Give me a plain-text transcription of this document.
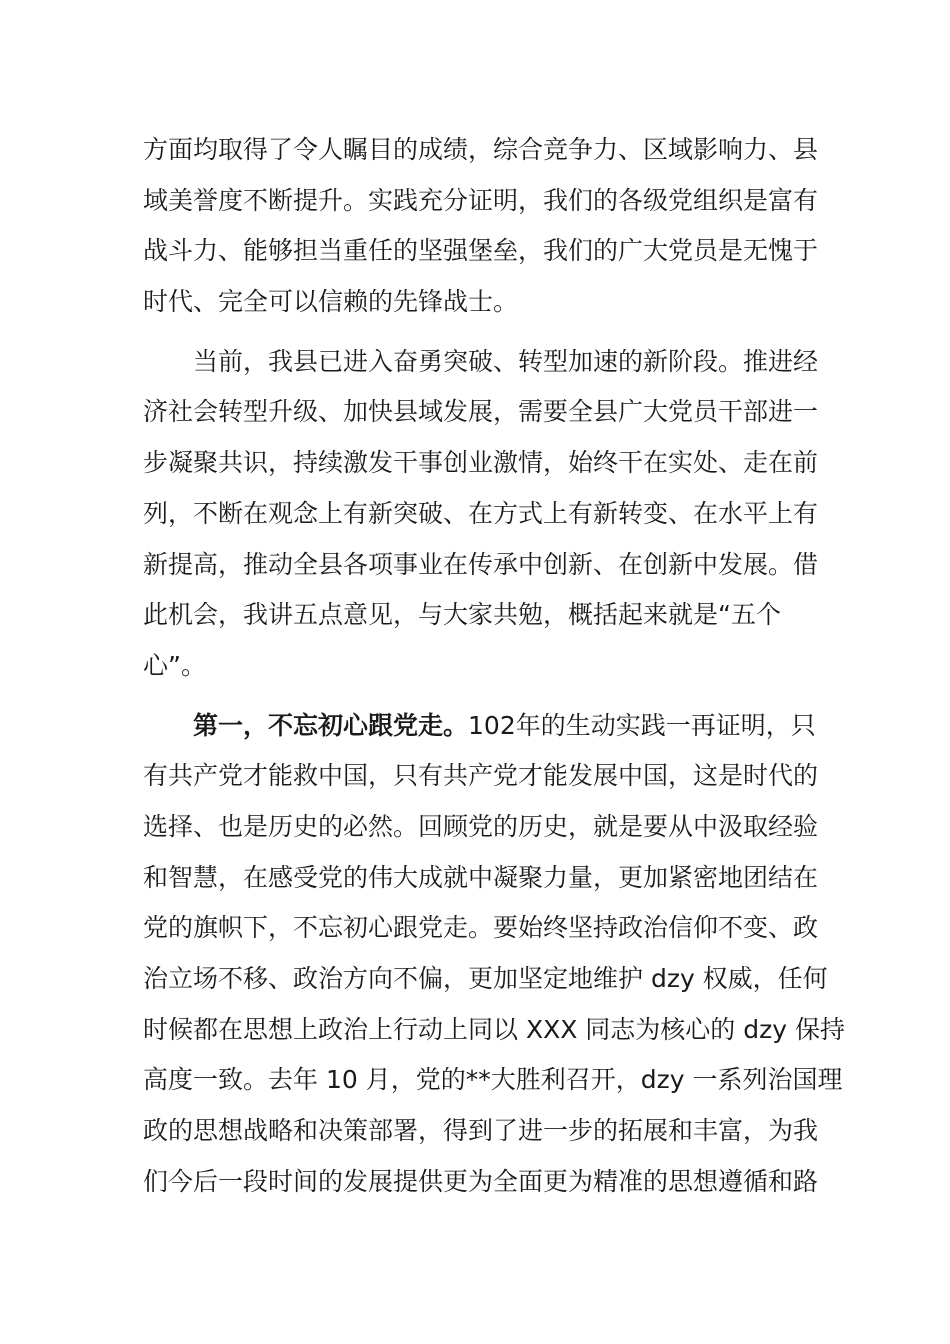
方面均取得了令人瞩目的成绩，综合竞争力、区域影响力、县
域美誉度不断提升。实践充分证明，我们的各级党组织是富有
战斗力、能够担当重任的坚强堡垒，我们的广大党员是无愧于
时代、完全可以信赖的先锋战士。
当前，我县已进入奋勇突破、转型加速的新阶段。推进经
济社会转型升级、加快县域发展，需要全县广大党员干部进一
步凝聚共识，持续激发干事创业激情，始终干在实处、走在前
列，不断在观念上有新突破、在方式上有新转变、在水平上有
新提高，推动全县各项事业在传承中创新、在创新中发展。借
此机会，我讲五点意见，与大家共勉，概括起来就是“五个
心”。
第一，不忘初心跟党走。102年的生动实践一再证明，只
有共产党才能救中国，只有共产党才能发展中国，这是时代的
选择、也是历史的必然。回顾党的历史，就是要从中汲取经验
和智慧，在感受党的伟大成就中凝聚力量，更加紧密地团结在
党的旗帜下，不忘初心跟党走。要始终坚持政治信仰不变、政
治立场不移、政治方向不偏，更加坚定地维护 dzy 权威，任何
时候都在思想上政治上行动上同以 XXX 同志为核心的 dzy 保持
高度一致。去年 10 月，党的**大胜利召开，dzy 一系列治国理
政的思想战略和决策部署，得到了进一步的拓展和丰富，为我
们今后一段时间的发展提供更为全面更为精准的思想遵循和路
